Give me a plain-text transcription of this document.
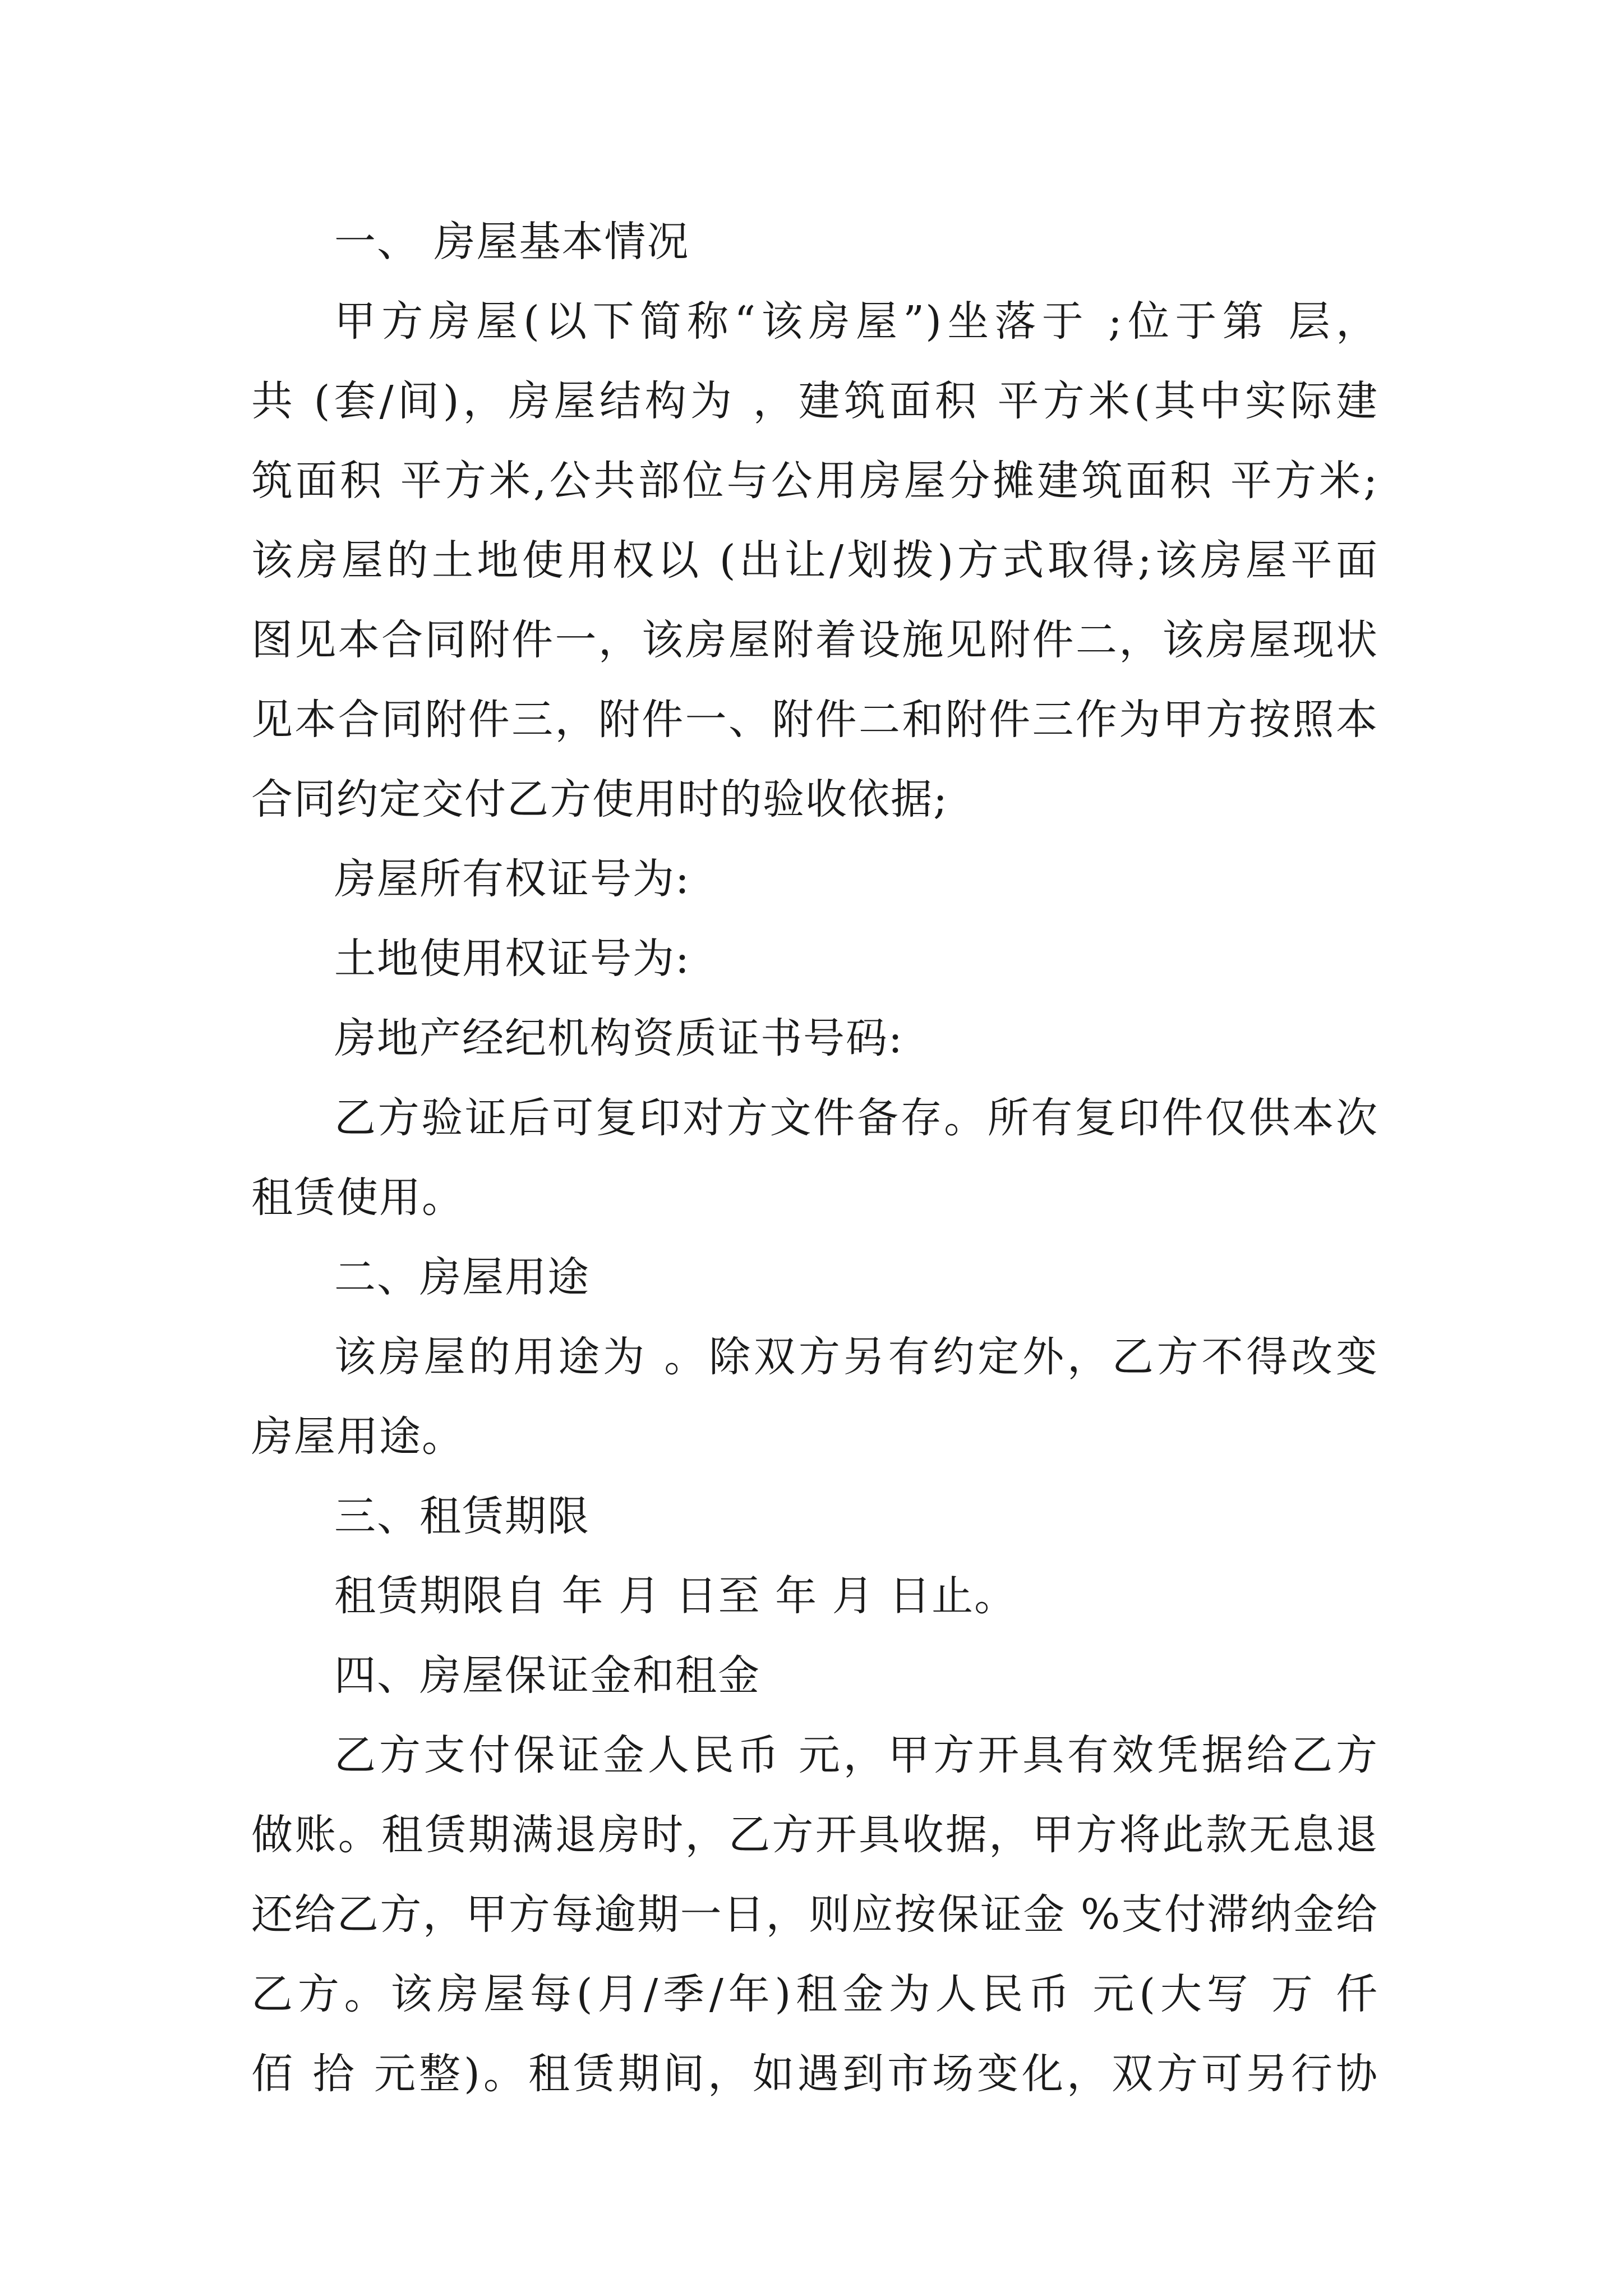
一、 房屋基本情况
甲方房屋(以下简称“该房屋”)坐落于 ;位于第 层，
共 (套/间)，房屋结构为 ，建筑面积 平方米(其中实际建
筑面积 平方米,公共部位与公用房屋分摊建筑面积 平方米;
该房屋的土地使用权以 (出让/划拨)方式取得;该房屋平面
图见本合同附件一，该房屋附着设施见附件二，该房屋现状
见本合同附件三，附件一、附件二和附件三作为甲方按照本
合同约定交付乙方使用时的验收依据;
房屋所有权证号为:
土地使用权证号为:
房地产经纪机构资质证书号码:
乙方验证后可复印对方文件备存。所有复印件仅供本次
租赁使用。
二、房屋用途
该房屋的用途为 。除双方另有约定外，乙方不得改变
房屋用途。
三、租赁期限
租赁期限自 年 月 日至 年 月 日止。
四、房屋保证金和租金
乙方支付保证金人民币 元，甲方开具有效凭据给乙方
做账。租赁期满退房时，乙方开具收据，甲方将此款无息退
还给乙方，甲方每逾期一日，则应按保证金 %支付滞纳金给
乙方。该房屋每(月/季/年)租金为人民币 元(大写 万 仟
佰 拾 元整)。租赁期间，如遇到市场变化，双方可另行协
